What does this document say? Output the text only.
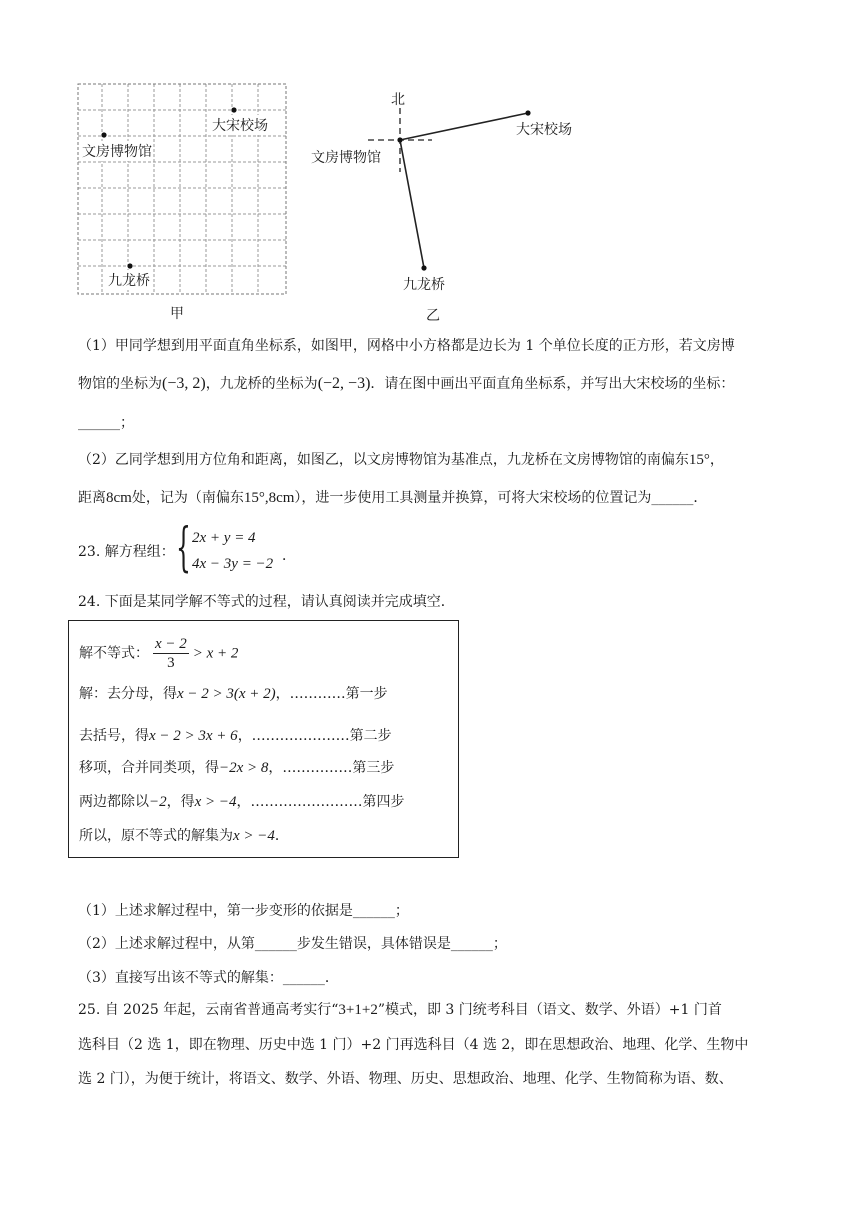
大宋校场
文房博物馆
九龙桥
甲
北
文房博物馆
大宋校场
九龙桥
乙
（1）甲同学想到用平面直角坐标系，如图甲，网格中小方格都是边长为 1 个单位长度的正方形，若文房博
物馆的坐标为(−3, 2)，九龙桥的坐标为(−2, −3)．请在图中画出平面直角坐标系，并写出大宋校场的坐标：
______；
（2）乙同学想到用方位角和距离，如图乙，以文房博物馆为基准点，九龙桥在文房博物馆的南偏东15°，
距离8cm处，记为（南偏东15°,8cm），进一步使用工具测量并换算，可将大宋校场的位置记为______．
23. 解方程组： { 2x + y = 4
4x − 3y = −2 ．
24. 下面是某同学解不等式的过程，请认真阅读并完成填空．
解不等式： $\frac{x - 2}{3} > x + 2$
解：去分母，得x − 2 > 3(x + 2)，…………第一步
去括号，得x − 2 > 3x + 6，…………………第二步
移项，合并同类项，得−2x > 8，……………第三步
两边都除以−2，得x > −4，……………………第四步
所以，原不等式的解集为x > −4．
（1）上述求解过程中，第一步变形的依据是______；
（2）上述求解过程中，从第______步发生错误，具体错误是______；
（3）直接写出该不等式的解集：______．
25. 自 2025 年起，云南省普通高考实行“3+1+2”模式，即 3 门统考科目（语文、数学、外语）+1 门首
选科目（2 选 1，即在物理、历史中选 1 门）+2 门再选科目（4 选 2，即在思想政治、地理、化学、生物中
选 2 门），为便于统计，将语文、数学、外语、物理、历史、思想政治、地理、化学、生物简称为语、数、
